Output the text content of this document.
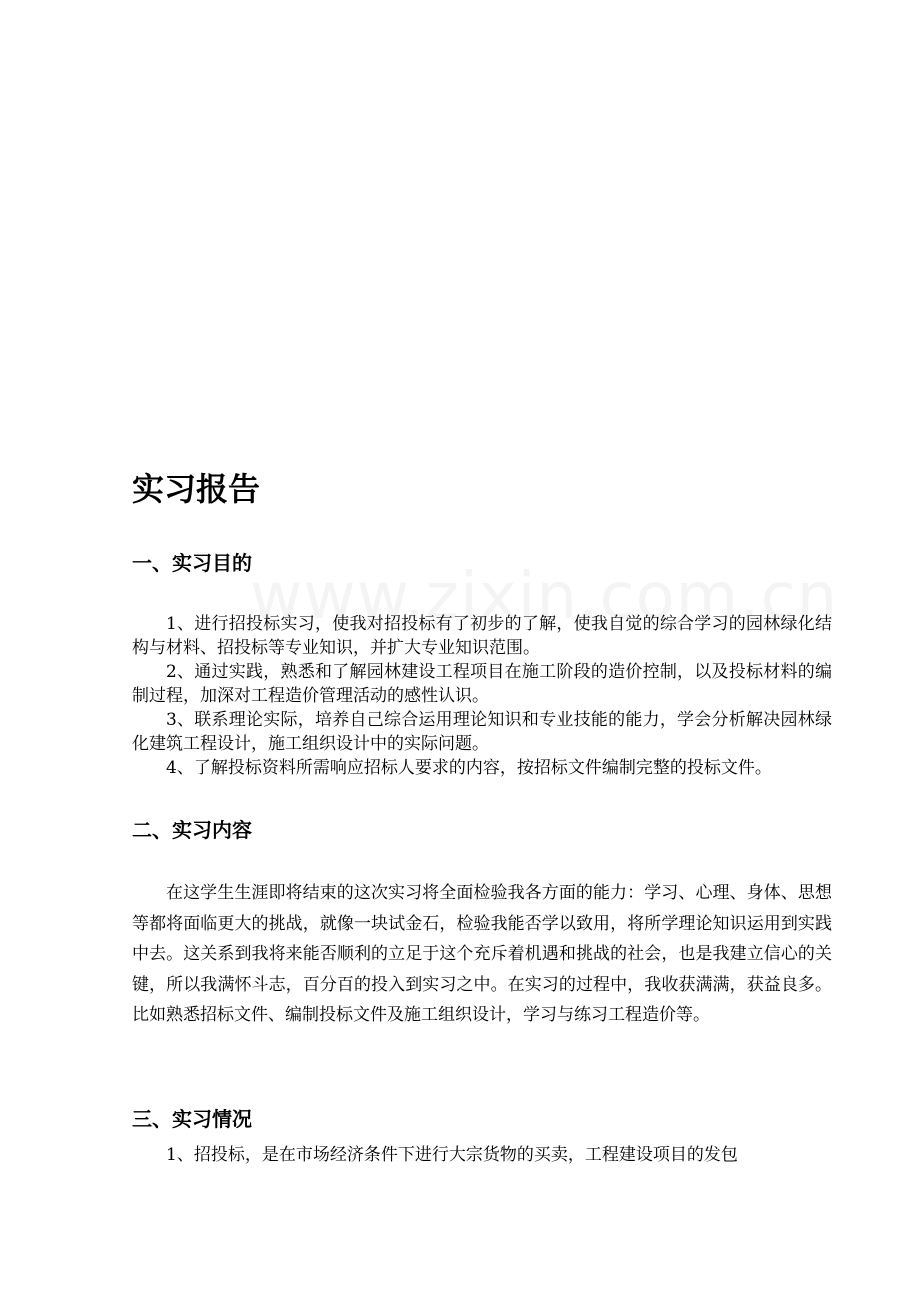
实习报告
一、实习目的

1、进行招投标实习，使我对招投标有了初步的了解，使我自觉的综合学习的园林绿化结构与材料、招投标等专业知识，并扩大专业知识范围。

2、通过实践，熟悉和了解园林建设工程项目在施工阶段的造价控制，以及投标材料的编制过程，加深对工程造价管理活动的感性认识。

3、联系理论实际，培养自己综合运用理论知识和专业技能的能力，学会分析解决园林绿化建筑工程设计，施工组织设计中的实际问题。

4、了解投标资料所需响应招标人要求的内容，按招标文件编制完整的投标文件。

二、实习内容

在这学生生涯即将结束的这次实习将全面检验我各方面的能力：学习、心理、身体、思想等都将面临更大的挑战，就像一块试金石，检验我能否学以致用，将所学理论知识运用到实践中去。这关系到我将来能否顺利的立足于这个充斥着机遇和挑战的社会，也是我建立信心的关键，所以我满怀斗志，百分百的投入到实习之中。在实习的过程中，我收获满满，获益良多。比如熟悉招标文件、编制投标文件及施工组织设计，学习与练习工程造价等。

三、实习情况

1、招投标，是在市场经济条件下进行大宗货物的买卖，工程建设项目的发包
